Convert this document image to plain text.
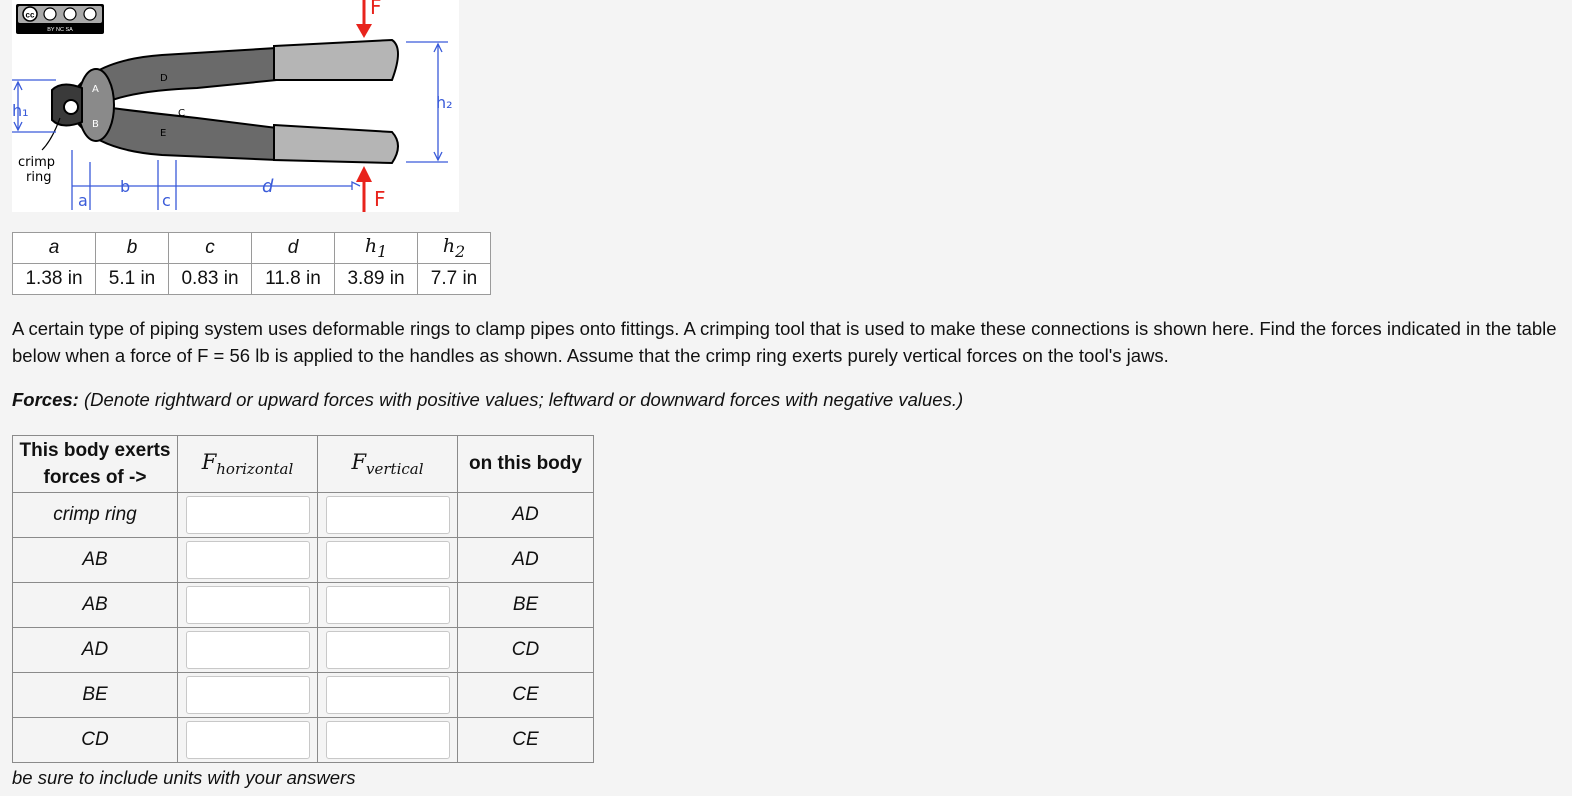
cc
BY NC SA
A
B
D
C
E
F
F
h₂
h₁
a
b
c
d
crimp
ring
a	b	c	d	$h_1$	$h_2$
1.38 in	5.1 in	0.83 in	11.8 in	3.89 in	7.7 in

A certain type of piping system uses deformable rings to clamp pipes onto fittings. A crimping tool that is used to make these connections is shown here. Find the forces indicated in the table below when a force of F = 56 lb is applied to the handles as shown. Assume that the crimp ring exerts purely vertical forces on the tool's jaws.

Forces: (Denote rightward or upward forces with positive values; leftward or downward forces with negative values.)

This body exerts forces of ->	$F_{horizontal}$	$F_{vertical}$	on this body
crimp ring			AD
AB			AD
AB			BE
AD			CD
BE			CE
CD			CE

be sure to include units with your answers
